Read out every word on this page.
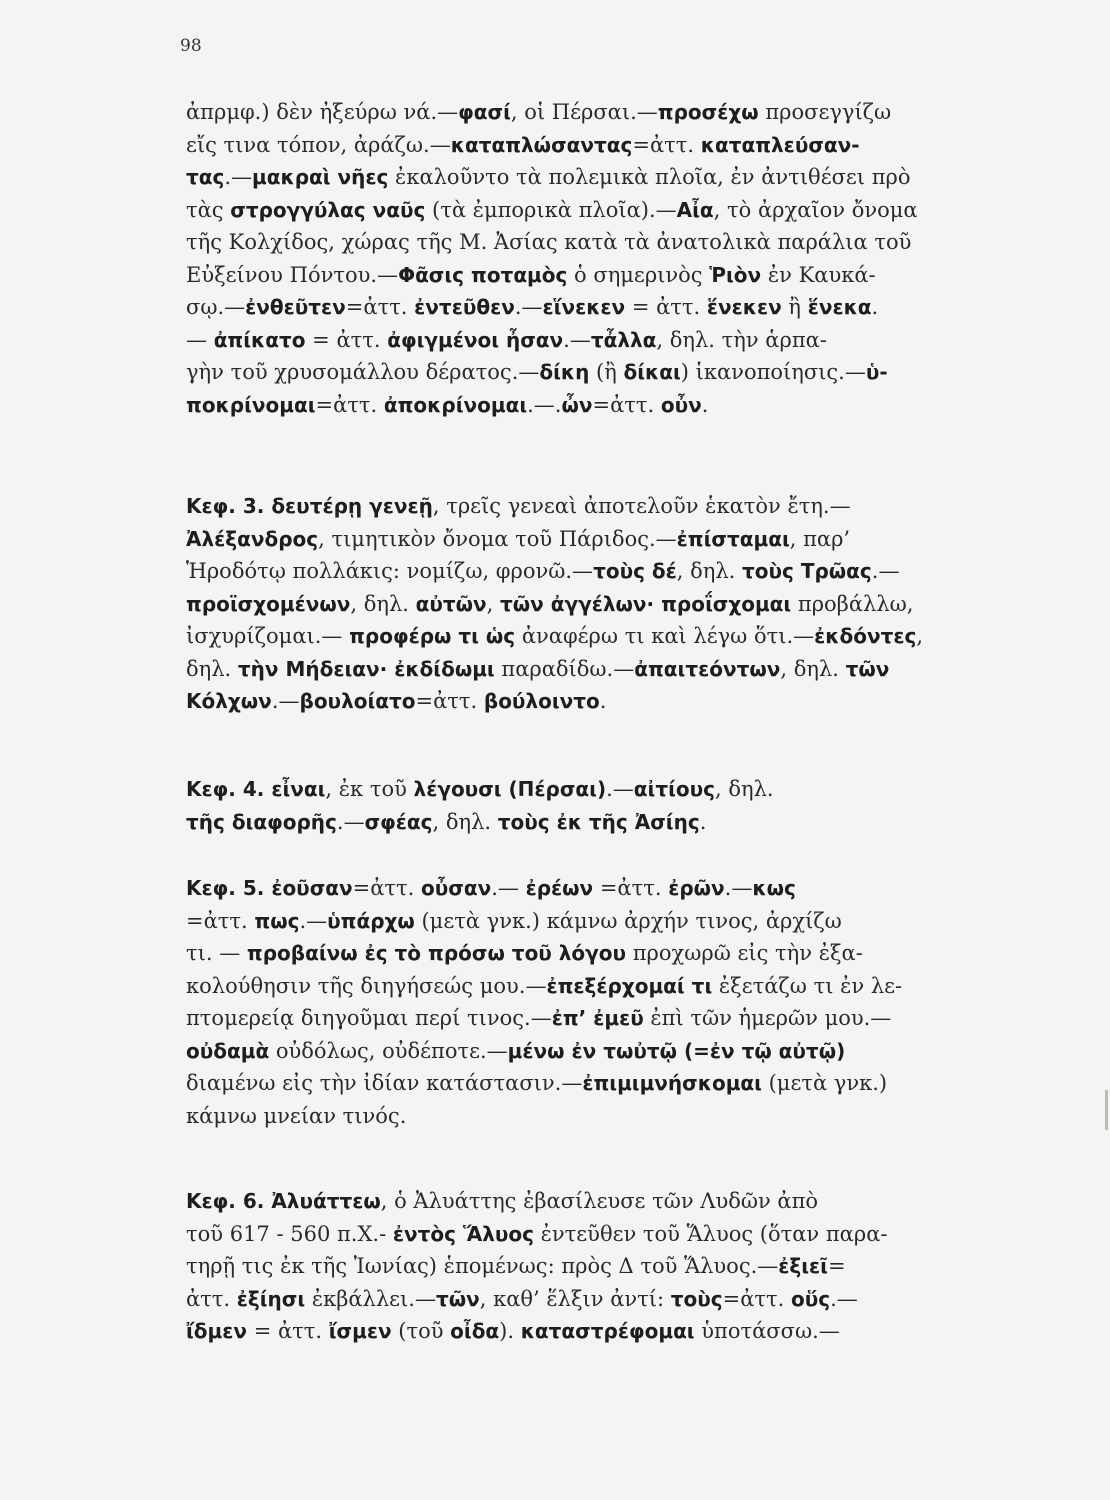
98
ἀπρμφ.) δὲν ἠξεύρω νά.—φασί, οἱ Πέρσαι.—προσέχω προσεγγίζω
εἴς τινα τόπον, ἀράζω.—καταπλώσαντας=ἀττ. καταπλεύσαν-
τας.—μακραὶ νῆες ἐκαλοῦντο τὰ πολεμικὰ πλοῖα, ἐν ἀντιθέσει πρὸ
τὰς στρογγύλας ναῦς (τὰ ἐμπορικὰ πλοῖα).—Αἶα, τὸ ἀρχαῖον ὄνομα
τῆς Κολχίδος, χώρας τῆς Μ. Ἀσίας κατὰ τὰ ἀνατολικὰ παράλια τοῦ
Εὐξείνου Πόντου.—Φᾶσις ποταμὸς ὁ σημερινὸς Ῥιὸν ἐν Καυκά-
σῳ.—ἐνθεῦτεν=ἀττ. ἐντεῦθεν.—εἵνεκεν = ἀττ. ἕνεκεν ἢ ἕνεκα.
— ἀπίκατο = ἀττ. ἀφιγμένοι ἦσαν.—τἆλλα, δηλ. τὴν ἁρπα-
γὴν τοῦ χρυσομάλλου δέρατος.—δίκη (ἢ δίκαι) ἱκανοποίησις.—ὑ-
ποκρίνομαι=ἀττ. ἀποκρίνομαι.—.ὦν=ἀττ. οὖν.
Κεφ. 3. δευτέρῃ γενεῇ, τρεῖς γενεαὶ ἀποτελοῦν ἑκατὸν ἔτη.—
Ἀλέξανδρος, τιμητικὸν ὄνομα τοῦ Πάριδος.—ἐπίσταμαι, παρ’
Ἡροδότῳ πολλάκις: νομίζω, φρονῶ.—τοὺς δέ, δηλ. τοὺς Τρῶας.—
προϊσχομένων, δηλ. αὐτῶν, τῶν ἀγγέλων· προΐσχομαι προβάλλω,
ἰσχυρίζομαι.— προφέρω τι ὡς ἀναφέρω τι καὶ λέγω ὅτι.—ἐκδόντες,
δηλ. τὴν Μήδειαν· ἐκδίδωμι παραδίδω.—ἀπαιτεόντων, δηλ. τῶν
Κόλχων.—βουλοίατο=ἀττ. βούλοιντο.
Κεφ. 4. εἶναι, ἐκ τοῦ λέγουσι (Πέρσαι).—αἰτίους, δηλ.
τῆς διαφορῆς.—σφέας, δηλ. τοὺς ἐκ τῆς Ἀσίης.
Κεφ. 5. ἐοῦσαν=ἀττ. οὖσαν.— ἐρέων =ἀττ. ἐρῶν.—κως
=ἀττ. πως.—ὑπάρχω (μετὰ γνκ.) κάμνω ἀρχήν τινος, ἀρχίζω
τι. — προβαίνω ἐς τὸ πρόσω τοῦ λόγου προχωρῶ εἰς τὴν ἐξα-
κολούθησιν τῆς διηγήσεώς μου.—ἐπεξέρχομαί τι ἐξετάζω τι ἐν λε-
πτομερείᾳ διηγοῦμαι περί τινος.—ἐπ’ ἐμεῦ ἐπὶ τῶν ἡμερῶν μου.—
οὐδαμὰ οὐδόλως, οὐδέποτε.—μένω ἐν τωὐτῷ (=ἐν τῷ αὐτῷ)
διαμένω εἰς τὴν ἰδίαν κατάστασιν.—ἐπιμιμνήσκομαι (μετὰ γνκ.)
κάμνω μνείαν τινός.
Κεφ. 6. Ἀλυάττεω, ὁ Ἀλυάττης ἐβασίλευσε τῶν Λυδῶν ἀπὸ
τοῦ 617 - 560 π.Χ.- ἐντὸς Ἅλυος ἐντεῦθεν τοῦ Ἅλυος (ὅταν παρα-
τηρῇ τις ἐκ τῆς Ἰωνίας) ἑπομένως: πρὸς Δ τοῦ Ἅλυος.—ἐξιεῖ=
ἀττ. ἐξίησι ἐκβάλλει.—τῶν, καθ’ ἕλξιν ἀντί: τοὺς=ἀττ. οὕς.—
ἴδμεν = ἀττ. ἴσμεν (τοῦ οἶδα). καταστρέφομαι ὑποτάσσω.—
